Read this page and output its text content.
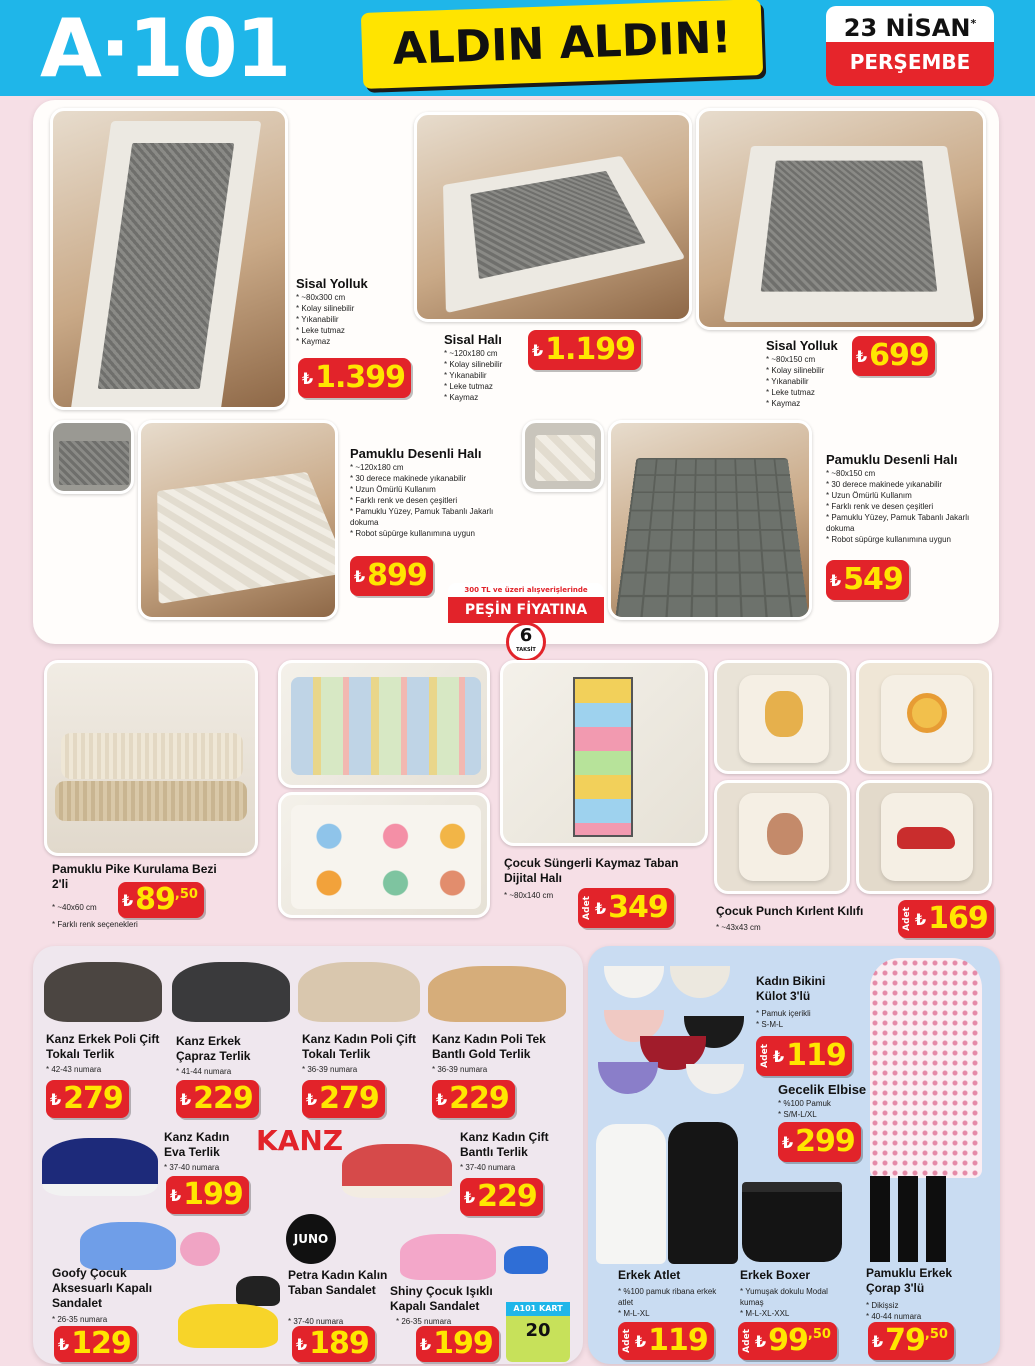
A·101	ALDIN ALDIN!	23 NİSAN*
PERŞEMBE
Sisal Yolluk
* ~80x300 cm
* Kolay silinebilir
* Yıkanabilir
* Leke tutmaz
* Kaymaz
₺ 1.399
Sisal Halı
* ~120x180 cm
* Kolay silinebilir
* Yıkanabilir
* Leke tutmaz
* Kaymaz
₺ 1.199	Sisal Yolluk
* ~80x150 cm
* Kolay silinebilir
* Yıkanabilir
* Leke tutmaz
* Kaymaz
₺ 699
Pamuklu Desenli Halı
* ~120x180 cm
* 30 derece makinede yıkanabilir
* Uzun Ömürlü Kullanım
* Farklı renk ve desen çeşitleri
* Pamuklu Yüzey, Pamuk Tabanlı Jakarlı dokuma
* Robot süpürge kullanımına uygun
₺ 899
Pamuklu Desenli Halı
* ~80x150 cm
* 30 derece makinede yıkanabilir
* Uzun Ömürlü Kullanım
* Farklı renk ve desen çeşitleri
* Pamuklu Yüzey, Pamuk Tabanlı Jakarlı dokuma
* Robot süpürge kullanımına uygun
₺ 549
300 TL ve üzeri alışverişlerinde
PEŞİN FİYATINA
6
TAKSİT
Pamuklu Pike Kurulama Bezi 2'li
* ~40x60 cm
* Farklı renk seçenekleri
₺ 89 ,50
Çocuk Süngerli Kaymaz Taban Dijital Halı
* ~80x140 cm
Adet ₺ 349	Çocuk Punch Kırlent Kılıfı
* ~43x43 cm	Adet ₺ 169
Kanz Erkek Poli Çift Tokalı Terlik
* 42-43 numara
₺ 279
Kanz Erkek Çapraz Terlik
* 41-44 numara
₺ 229
Kanz Kadın Poli Çift Tokalı Terlik
* 36-39 numara
₺ 279
Kanz Kadın Poli Tek Bantlı Gold Terlik
* 36-39 numara
₺ 229
Kanz Kadın Eva Terlik
* 37-40 numara
₺ 199
KANZ	Kanz Kadın Çift Bantlı Terlik
* 37-40 numara
₺ 229
Goofy Çocuk Aksesuarlı Kapalı Sandalet
* 26-35 numara
₺ 129
JUNO
Petra Kadın Kalın Taban Sandalet
* 37-40 numara
₺ 189
Shiny Çocuk Işıklı Kapalı Sandalet
* 26-35 numara
₺ 199
A101 KART
20
Kadın Bikini Külot 3'lü
* Pamuk içerikli
* S-M-L
Adet ₺ 119
Gecelik Elbise
* %100 Pamuk
* S/M-L/XL
₺ 299
Erkek Atlet
* %100 pamuk ribana erkek atlet
* M-L-XL
Adet ₺ 119
Erkek Boxer
* Yumuşak dokulu Modal kumaş
* M-L-XL-XXL
Adet ₺ 99 ,50
Pamuklu Erkek Çorap 3'lü
* Dikişsiz
* 40-44 numara
₺ 79 ,50
